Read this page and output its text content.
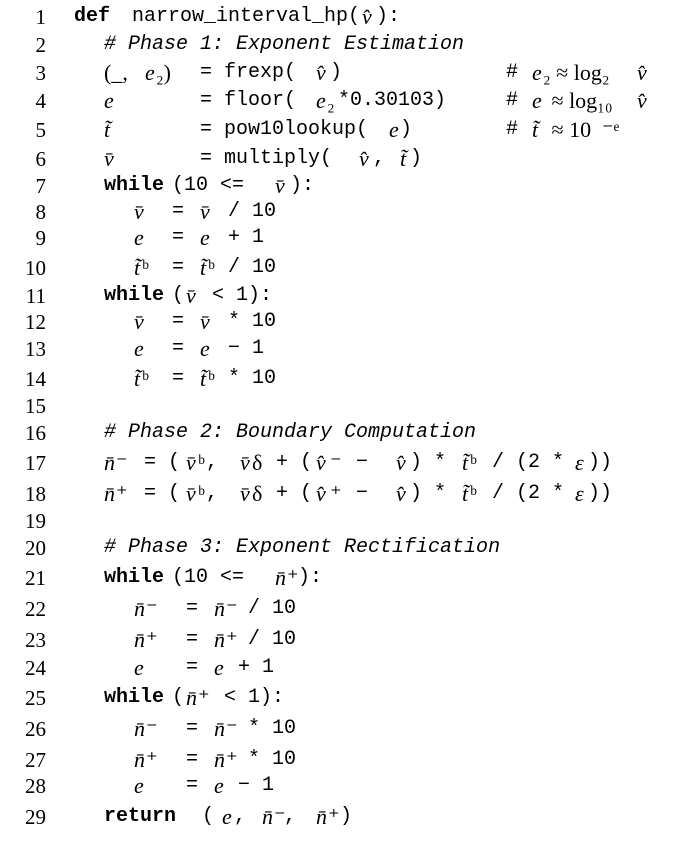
1 def narrow_interval_hp( v̂ ):
2	# Phase 1: Exponent Estimation
3	(_, e ₂) = frexp( v̂ )	# e ₂ ≈ log₂ v̂
4	e	= floor( e ₂ *0.30103)	# e ≈ log₁₀ v̂
5	t̃	= pow10lookup( e )	# t̃ ≈ 10 ⁻ᵉ
6	v̄	= multiply( v̂ , t̃ )
7	while (10 <= v̄ ):
8	v̄ = v̄ / 10
9	e = e + 1
10	t̃ ᵇ = t̃ ᵇ / 10
11	while ( v̄ < 1):
12	v̄ = v̄ * 10
13	e = e − 1
14	t̃ ᵇ = t̃ ᵇ * 10
15
16	# Phase 2: Boundary Computation
17	n̄ ⁻ = ( v̄ ᵇ , v̄ δ + ( v̂ ⁻ − v̂ ) * t̃ ᵇ / (2 *
ε ))
18	n̄ ⁺ = ( v̄ ᵇ , v̄ δ + ( v̂ ⁺ − v̂ ) * t̃ ᵇ / (2 *
ε ))
19
20	# Phase 3: Exponent Rectification
21	while (10 <= n̄ ⁺ ):
22	n̄ ⁻ = n̄ ⁻
/ 10
23	n̄ ⁺ = n̄ ⁺
/ 10
24	e = e + 1
25	while ( n̄ ⁺ < 1):
26	n̄ ⁻ = n̄ ⁻
* 10
27	n̄ ⁺ = n̄ ⁺
* 10
28	e = e − 1
29	return ( e , n̄ ⁻
, n̄ ⁺ )
